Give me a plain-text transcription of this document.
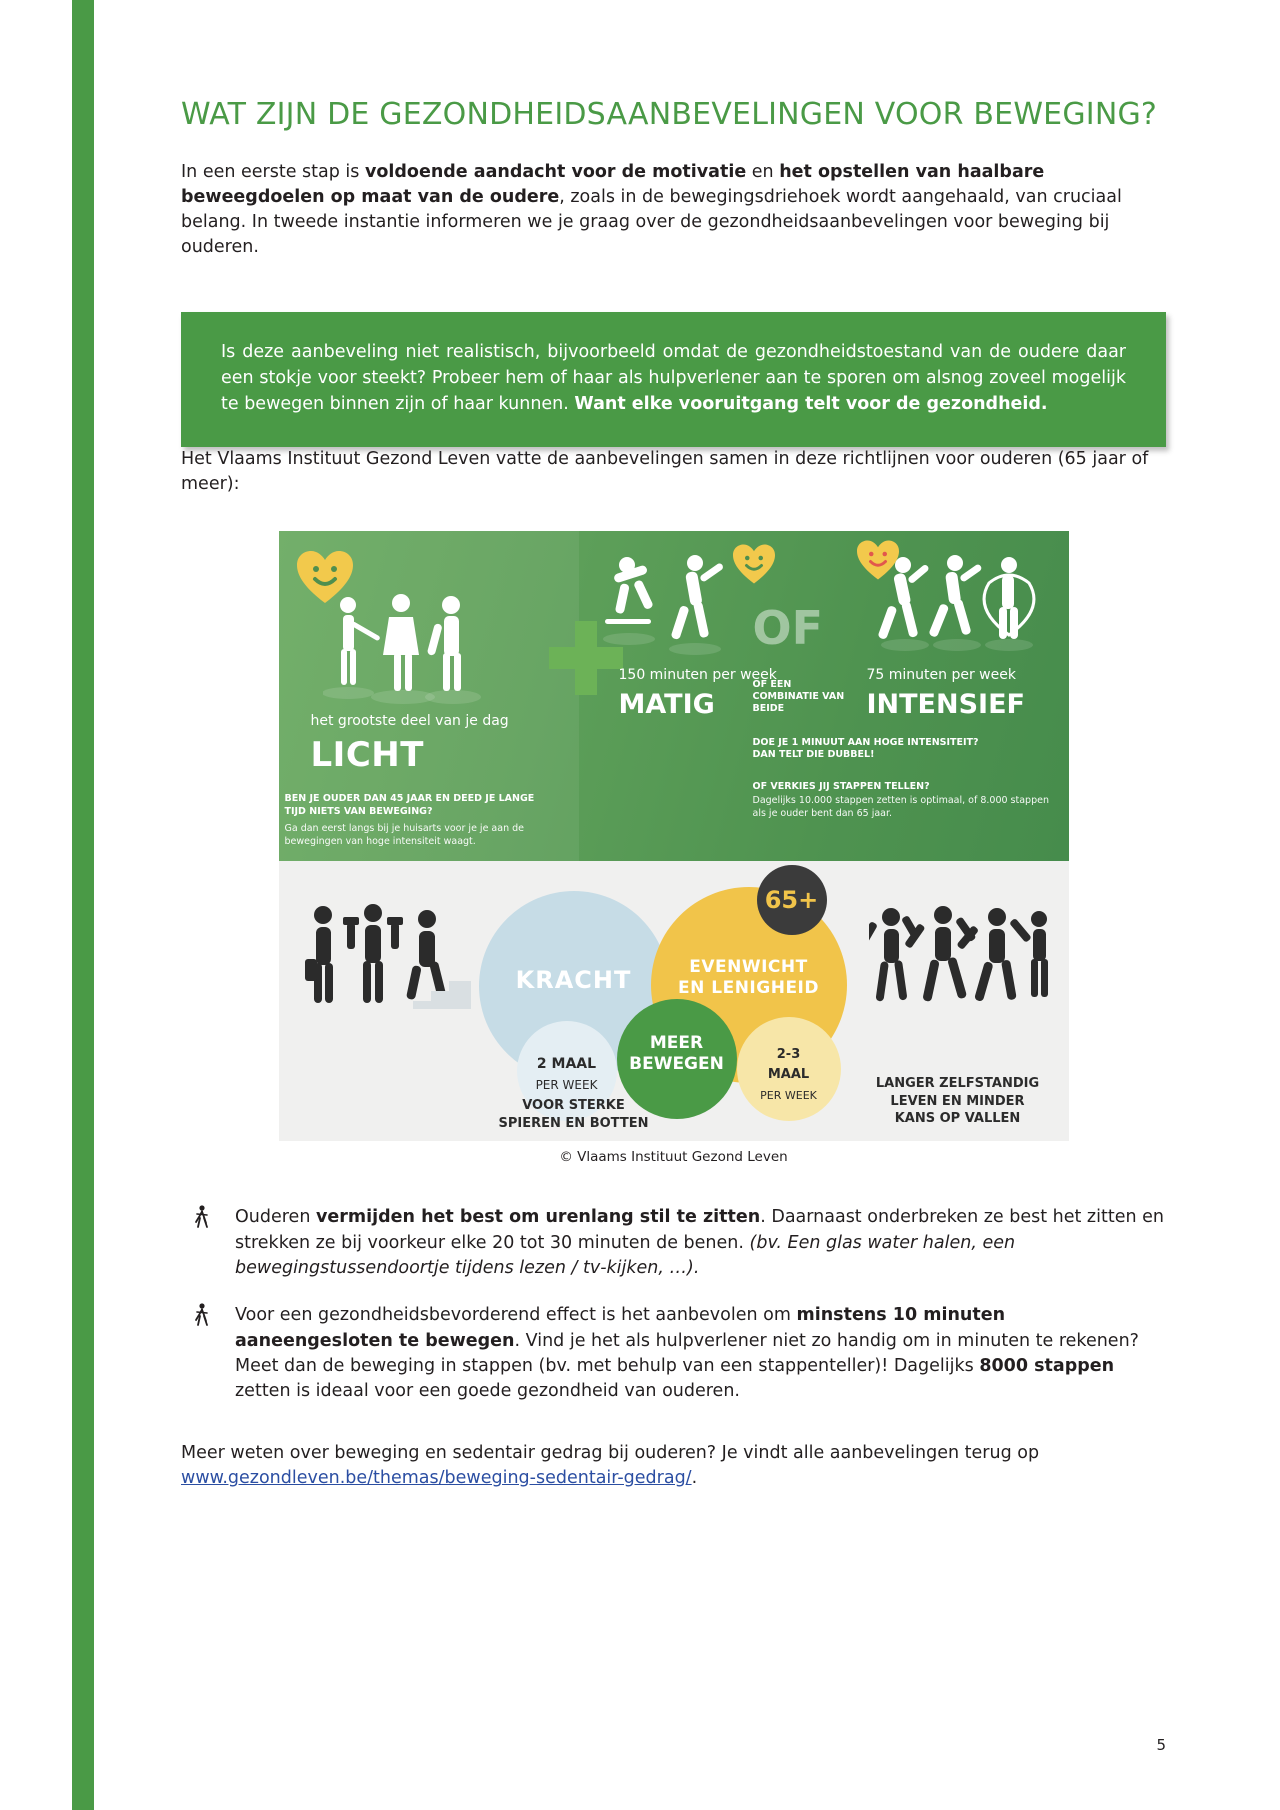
WAT ZIJN DE GEZONDHEIDSAANBEVELINGEN VOOR BEWEGING?

In een eerste stap is voldoende aandacht voor de motivatie en het opstellen van haalbare beweegdoelen op maat van de oudere, zoals in de bewegingsdriehoek wordt aangehaald, van cruciaal belang. In tweede instantie informeren we je graag over de gezondheidsaanbevelingen voor beweging bij ouderen.

Is deze aanbeveling niet realistisch, bijvoorbeeld omdat de gezondheidstoestand van de oudere daar een stokje voor steekt? Probeer hem of haar als hulpverlener aan te sporen om alsnog zoveel mogelijk te bewegen binnen zijn of haar kunnen. Want elke vooruitgang telt voor de gezondheid.

Het Vlaams Instituut Gezond Leven vatte de aanbevelingen samen in deze richtlijnen voor ouderen (65 jaar of meer):

het grootste deel van je dag
LICHT
BEN JE OUDER DAN 45 JAAR EN DEED JE LANGE TIJD NIETS VAN BEWEGING?
Ga dan eerst langs bij je huisarts voor je je aan de bewegingen van hoge intensiteit waagt.
150 minuten per week
MATIG
OF
OF EEN COMBINATIE VAN BEIDE
75 minuten per week
INTENSIEF
DOE JE 1 MINUUT AAN HOGE INTENSITEIT? DAN TELT DIE DUBBEL!
OF VERKIES JIJ STAPPEN TELLEN?
Dagelijks 10.000 stappen zetten is optimaal, of 8.000 stappen als je ouder bent dan 65 jaar.
KRACHT	EVENWICHT
EN LENIGHEID
65+
MEER
BEWEGEN
2 MAAL
PER WEEK
2-3
MAAL
PER WEEK
VOOR STERKE
SPIEREN EN BOTTEN
LANGER ZELFSTANDIG
LEVEN EN MINDER
KANS OP VALLEN
© Vlaams Instituut Gezond Leven
Ouderen vermijden het best om urenlang stil te zitten. Daarnaast onderbreken ze best het zitten en strekken ze bij voorkeur elke 20 tot 30 minuten de benen. (bv. Een glas water halen, een bewegingstussendoortje tijdens lezen / tv-kijken, …).
Voor een gezondheidsbevorderend effect is het aanbevolen om minstens 10 minuten aaneengesloten te bewegen. Vind je het als hulpverlener niet zo handig om in minuten te rekenen? Meet dan de beweging in stappen (bv. met behulp van een stappenteller)! Dagelijks 8000 stappen zetten is ideaal voor een goede gezondheid van ouderen.

Meer weten over beweging en sedentair gedrag bij ouderen? Je vindt alle aanbevelingen terug op www.gezondleven.be/themas/beweging-sedentair-gedrag/.

5
